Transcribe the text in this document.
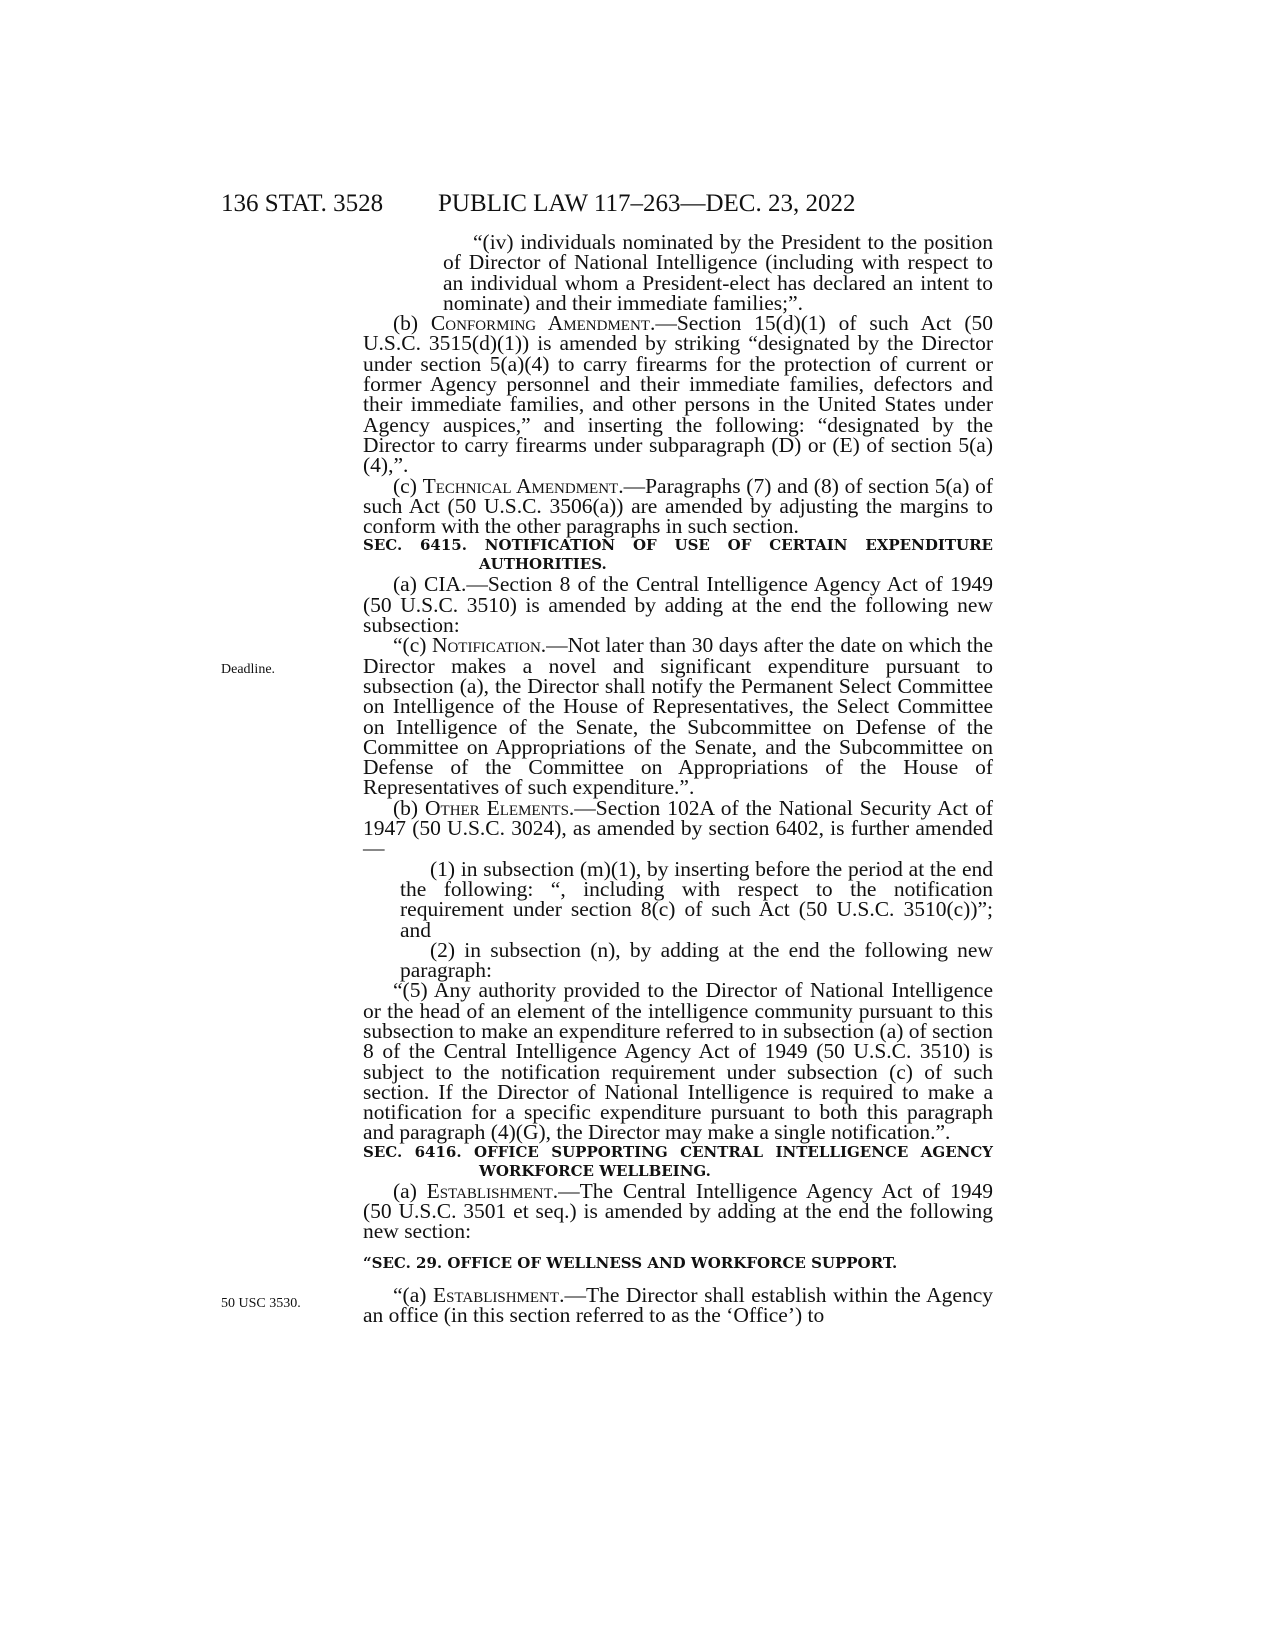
136 STAT. 3528 PUBLIC LAW 117–263—DEC. 23, 2022
Deadline.
50 USC 3530.

“(iv) individuals nominated by the President to the position of Director of National Intelligence (including with respect to an individual whom a President-elect has declared an intent to nominate) and their immediate families;”.

(b) Conforming Amendment.—Section 15(d)(1) of such Act (50 U.S.C. 3515(d)(1)) is amended by striking “designated by the Director under section 5(a)(4) to carry firearms for the protection of current or former Agency personnel and their immediate families, defectors and their immediate families, and other persons in the United States under Agency auspices,” and inserting the following: “designated by the Director to carry firearms under subparagraph (D) or (E) of section 5(a)(4),”.

(c) Technical Amendment.—Paragraphs (7) and (8) of section 5(a) of such Act (50 U.S.C. 3506(a)) are amended by adjusting the margins to conform with the other paragraphs in such section.

SEC. 6415. NOTIFICATION OF USE OF CERTAIN EXPENDITURE AUTHORITIES.

(a) CIA.—Section 8 of the Central Intelligence Agency Act of 1949 (50 U.S.C. 3510) is amended by adding at the end the following new subsection:

“(c) Notification.—Not later than 30 days after the date on which the Director makes a novel and significant expenditure pursuant to subsection (a), the Director shall notify the Permanent Select Committee on Intelligence of the House of Representatives, the Select Committee on Intelligence of the Senate, the Subcommittee on Defense of the Committee on Appropriations of the Senate, and the Subcommittee on Defense of the Committee on Appropriations of the House of Representatives of such expenditure.”.

(b) Other Elements.—Section 102A of the National Security Act of 1947 (50 U.S.C. 3024), as amended by section 6402, is further amended—

(1) in subsection (m)(1), by inserting before the period at the end the following: “, including with respect to the notification requirement under section 8(c) of such Act (50 U.S.C. 3510(c))”; and

(2) in subsection (n), by adding at the end the following new paragraph:

“(5) Any authority provided to the Director of National Intelligence or the head of an element of the intelligence community pursuant to this subsection to make an expenditure referred to in subsection (a) of section 8 of the Central Intelligence Agency Act of 1949 (50 U.S.C. 3510) is subject to the notification requirement under subsection (c) of such section. If the Director of National Intelligence is required to make a notification for a specific expenditure pursuant to both this paragraph and paragraph (4)(G), the Director may make a single notification.”.

SEC. 6416. OFFICE SUPPORTING CENTRAL INTELLIGENCE AGENCY WORKFORCE WELLBEING.

(a) Establishment.—The Central Intelligence Agency Act of 1949 (50 U.S.C. 3501 et seq.) is amended by adding at the end the following new section:

“SEC. 29. OFFICE OF WELLNESS AND WORKFORCE SUPPORT.

“(a) Establishment.—The Director shall establish within the Agency an office (in this section referred to as the ‘Office’) to
